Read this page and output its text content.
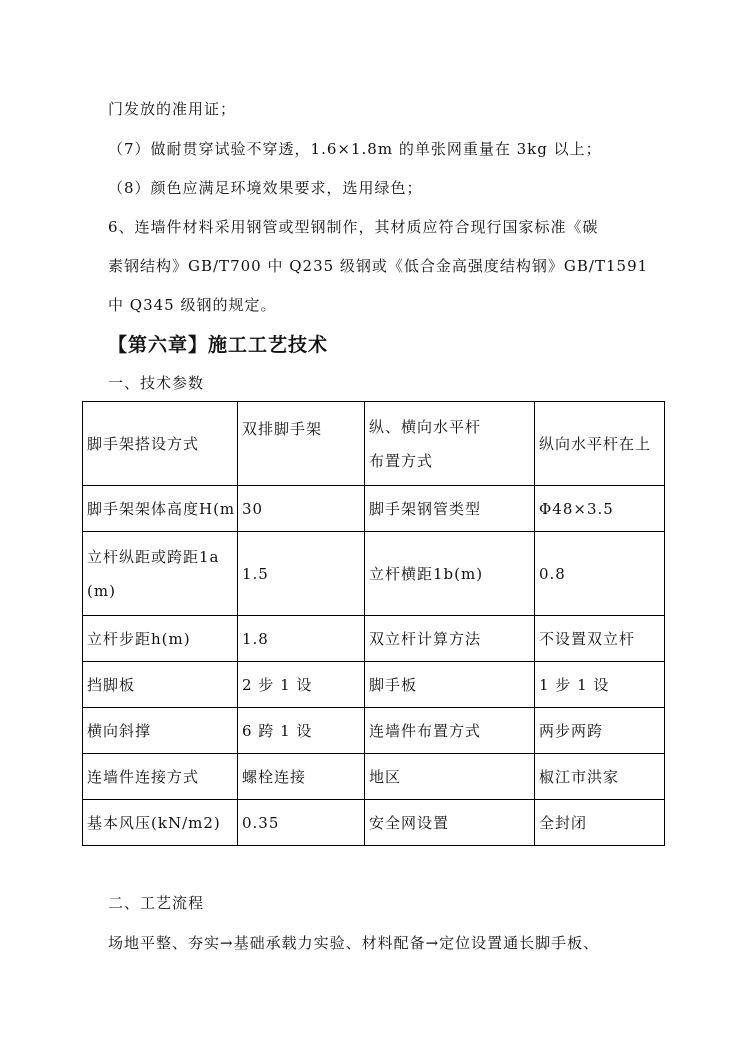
门发放的准用证；
（7）做耐贯穿试验不穿透，1.6×1.8m 的单张网重量在 3kg 以上；
（8）颜色应满足环境效果要求，选用绿色；
6、连墙件材料采用钢管或型钢制作，其材质应符合现行国家标准《碳
素钢结构》GB/T700 中 Q235 级钢或《低合金高强度结构钢》GB/T1591
中 Q345 级钢的规定。
【第六章】施工工艺技术
一、技术参数
脚手架搭设方式	双排脚手架	纵、横向水平杆布置方式	纵向水平杆在上
脚手架架体高度H(m	30	脚手架钢管类型	Φ48×3.5
立杆纵距或跨距1a(m)	1.5	立杆横距1b(m)	0.8
立杆步距h(m)	1.8	双立杆计算方法	不设置双立杆
挡脚板	2 步 1 设	脚手板	1 步 1 设
横向斜撑	6 跨 1 设	连墙件布置方式	两步两跨
连墙件连接方式	螺栓连接	地区	椒江市洪家
基本风压(kN/m2)	0.35	安全网设置	全封闭
二、工艺流程
场地平整、夯实→基础承载力实验、材料配备→定位设置通长脚手板、
